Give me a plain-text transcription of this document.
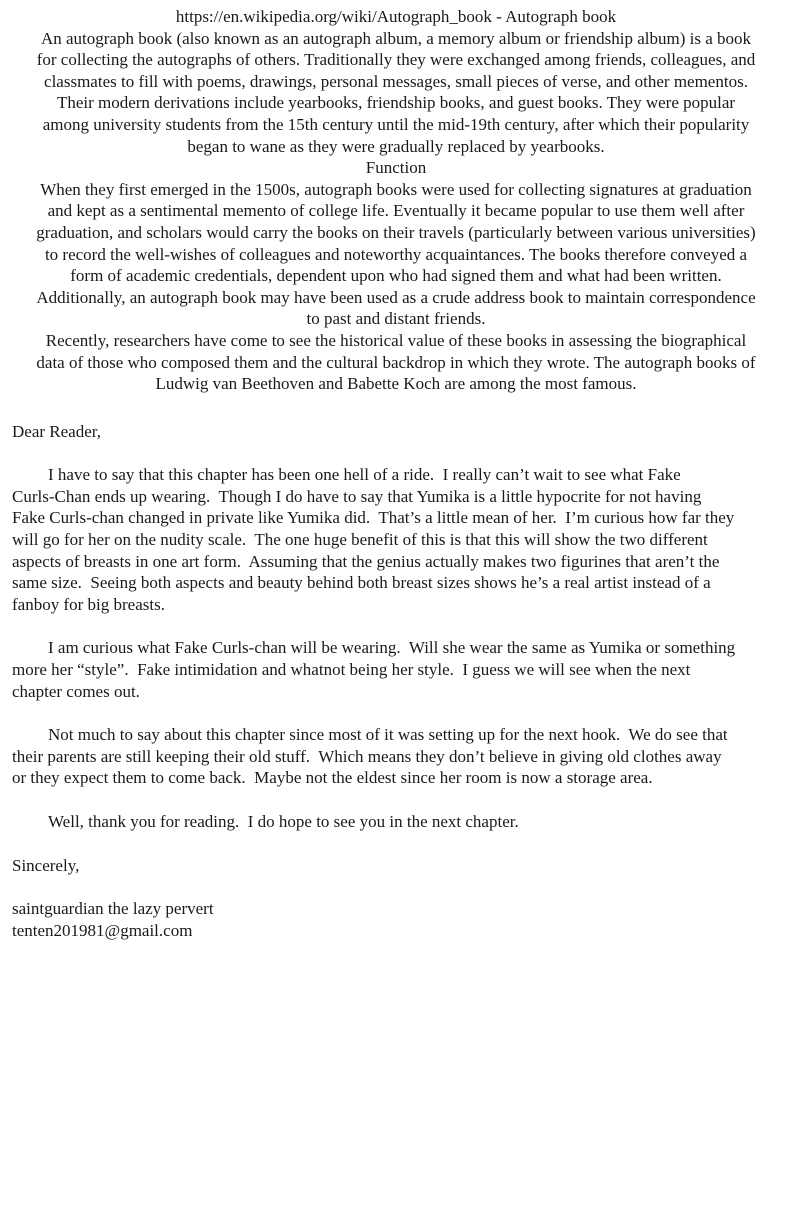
https://en.wikipedia.org/wiki/Autograph_book - Autograph book
An autograph book (also known as an autograph album, a memory album or friendship album) is a book
for collecting the autographs of others. Traditionally they were exchanged among friends, colleagues, and
classmates to fill with poems, drawings, personal messages, small pieces of verse, and other mementos.
Their modern derivations include yearbooks, friendship books, and guest books. They were popular
among university students from the 15th century until the mid-19th century, after which their popularity
began to wane as they were gradually replaced by yearbooks.
Function
When they first emerged in the 1500s, autograph books were used for collecting signatures at graduation
and kept as a sentimental memento of college life. Eventually it became popular to use them well after
graduation, and scholars would carry the books on their travels (particularly between various universities)
to record the well-wishes of colleagues and noteworthy acquaintances. The books therefore conveyed a
form of academic credentials, dependent upon who had signed them and what had been written.
Additionally, an autograph book may have been used as a crude address book to maintain correspondence
to past and distant friends.
Recently, researchers have come to see the historical value of these books in assessing the biographical
data of those who composed them and the cultural backdrop in which they wrote. The autograph books of
Ludwig van Beethoven and Babette Koch are among the most famous.
Dear Reader,
I have to say that this chapter has been one hell of a ride.  I really can’t wait to see what Fake
Curls-Chan ends up wearing.  Though I do have to say that Yumika is a little hypocrite for not having
Fake Curls-chan changed in private like Yumika did.  That’s a little mean of her.  I’m curious how far they
will go for her on the nudity scale.  The one huge benefit of this is that this will show the two different
aspects of breasts in one art form.  Assuming that the genius actually makes two figurines that aren’t the
same size.  Seeing both aspects and beauty behind both breast sizes shows he’s a real artist instead of a
fanboy for big breasts.
I am curious what Fake Curls-chan will be wearing.  Will she wear the same as Yumika or something
more her “style”.  Fake intimidation and whatnot being her style.  I guess we will see when the next
chapter comes out.
Not much to say about this chapter since most of it was setting up for the next hook.  We do see that
their parents are still keeping their old stuff.  Which means they don’t believe in giving old clothes away
or they expect them to come back.  Maybe not the eldest since her room is now a storage area.
Well, thank you for reading.  I do hope to see you in the next chapter.
Sincerely,
saintguardian the lazy pervert
tenten201981@gmail.com
